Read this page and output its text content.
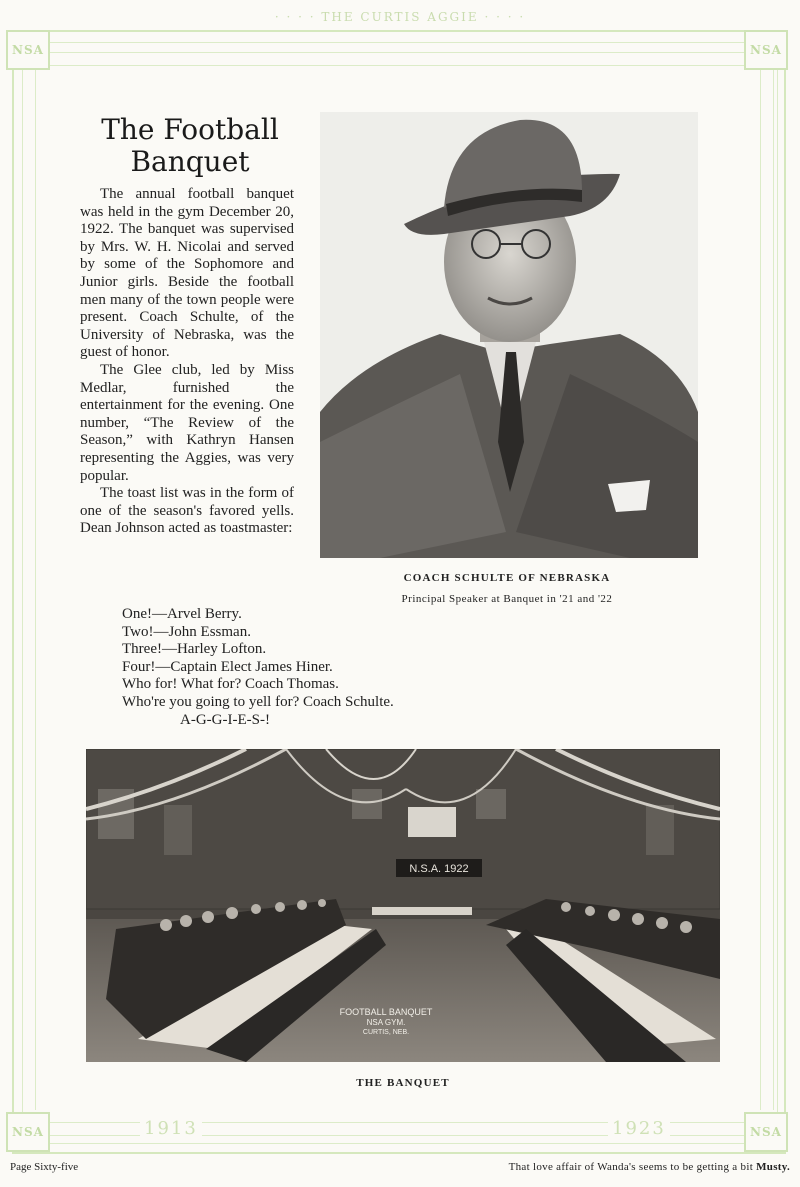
· · · · THE CURTIS AGGIE · · · ·
NSA	NSA
NSA	NSA
1913	1923
The Football
Banquet

The annual football banquet was held in the gym December 20, 1922. The banquet was supervised by Mrs. W. H. Nicolai and served by some of the Sophomore and Junior girls. Beside the football men many of the town people were present. Coach Schulte, of the University of Nebraska, was the guest of honor.

The Glee club, led by Miss Medlar, furnished the entertainment for the evening. One number, “The Review of the Season,” with Kathryn Hansen representing the Aggies, was very popular.

The toast list was in the form of one of the season's favored yells. Dean Johnson acted as toastmaster:

One!—Arvel Berry.
Two!—John Essman.
Three!—Harley Lofton.
Four!—Captain Elect James Hiner.
Who for! What for? Coach Thomas.
Who're you going to yell for? Coach Schulte.
A-G-G-I-E-S-!
COACH SCHULTE OF NEBRASKA
Principal Speaker at Banquet in '21 and '22
N.S.A. 1922
FOOTBALL BANQUET
NSA GYM.
CURTIS, NEB.
THE BANQUET
Page Sixty-five	That love affair of Wanda's seems to be getting a bit Musty.
